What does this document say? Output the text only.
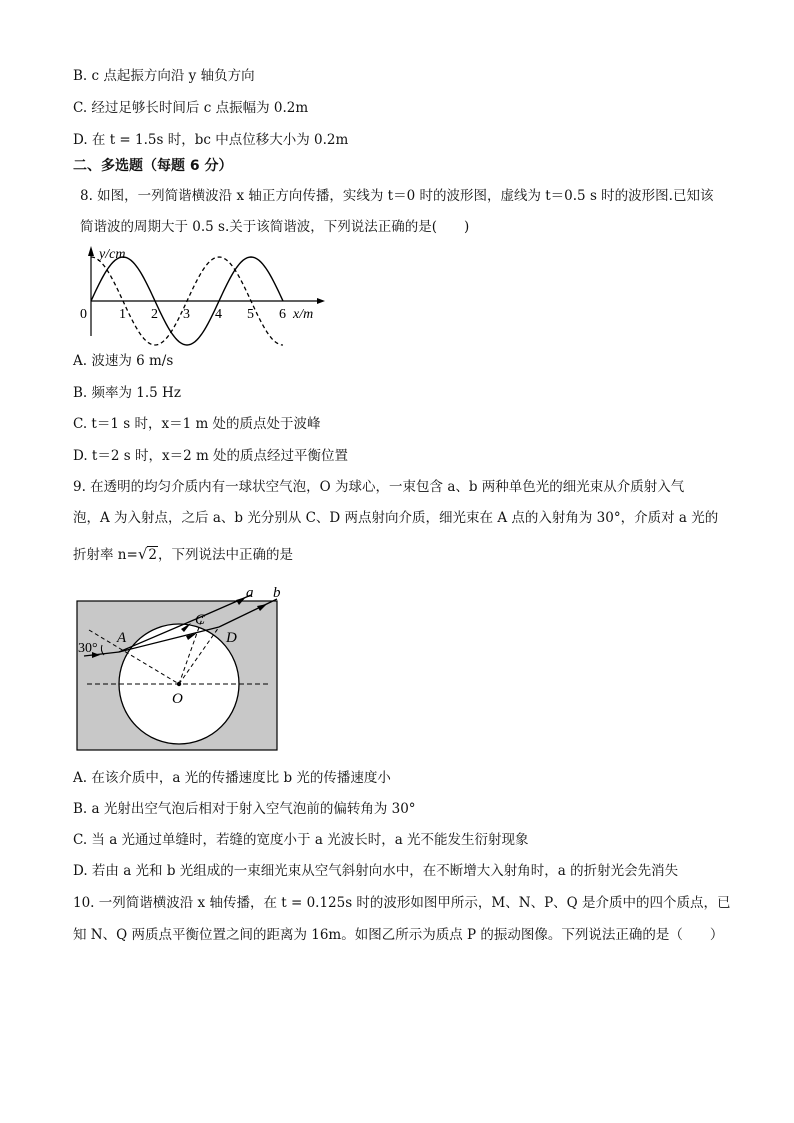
B. c 点起振方向沿 y 轴负方向
C. 经过足够长时间后 c 点振幅为 0.2m
D. 在 t = 1.5s 时，bc 中点位移大小为 0.2m
二、多选题（每题 6 分）
8. 如图，一列简谐横波沿 x 轴正方向传播，实线为 t＝0 时的波形图，虚线为 t＝0.5 s 时的波形图.已知该
简谐波的周期大于 0.5 s.关于该简谐波，下列说法正确的是(　　)
y/cm
x/m
0 1 2 3 4 5 6
A. 波速为 6 m/s
B. 频率为 1.5 Hz
C. t＝1 s 时，x＝1 m 处的质点处于波峰
D. t＝2 s 时，x＝2 m 处的质点经过平衡位置
9. 在透明的均匀介质内有一球状空气泡，O 为球心，一束包含 a、b 两种单色光的细光束从介质射入气
泡，A 为入射点，之后 a、b 光分别从 C、D 两点射向介质，细光束在 A 点的入射角为 30°，介质对 a 光的
折射率 n=√2，下列说法中正确的是
30°
A
C
D
O
a b
A. 在该介质中，a 光的传播速度比 b 光的传播速度小
B. a 光射出空气泡后相对于射入空气泡前的偏转角为 30°
C. 当 a 光通过单缝时，若缝的宽度小于 a 光波长时，a 光不能发生衍射现象
D. 若由 a 光和 b 光组成的一束细光束从空气斜射向水中，在不断增大入射角时，a 的折射光会先消失
10. 一列简谐横波沿 x 轴传播，在 t = 0.125s 时的波形如图甲所示，M、N、P、Q 是介质中的四个质点，已
知 N、Q 两质点平衡位置之间的距离为 16m。如图乙所示为质点 P 的振动图像。下列说法正确的是（　　）
